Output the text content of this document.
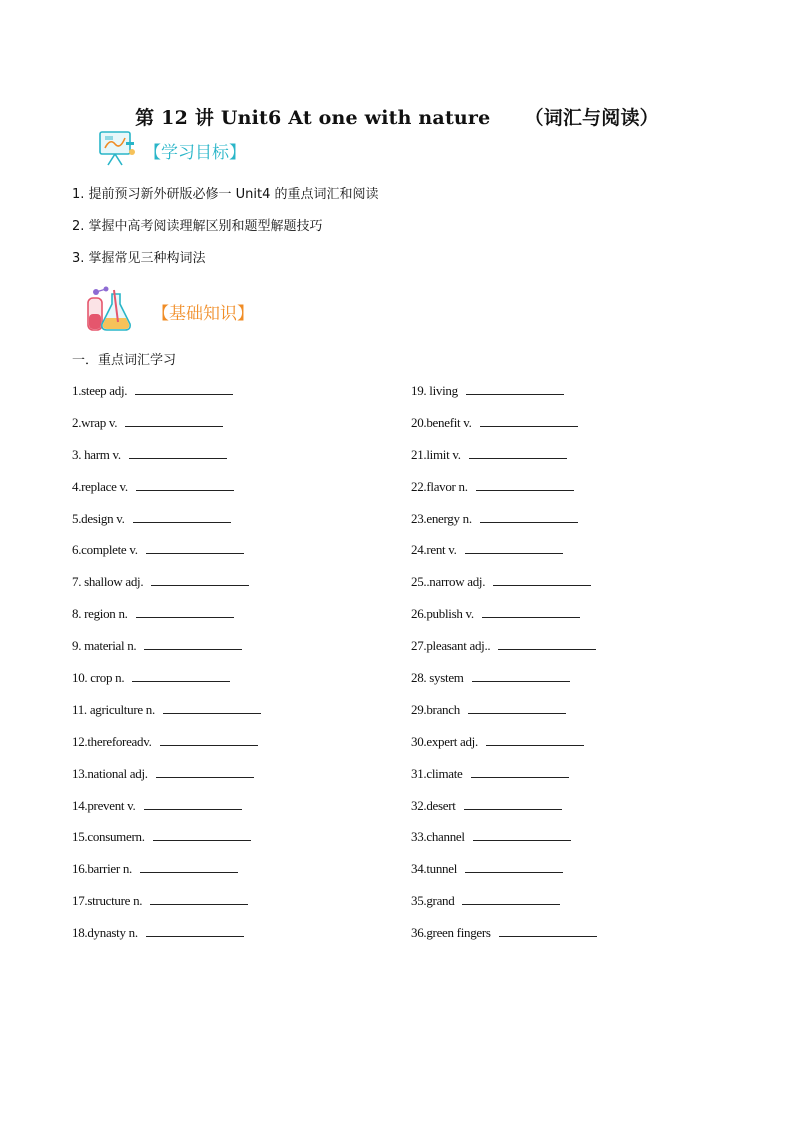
第 12 讲 Unit6 At one with nature （词汇与阅读）
【学习目标】
1. 提前预习新外研版必修一 Unit4 的重点词汇和阅读
2. 掌握中高考阅读理解区别和题型解题技巧
3. 掌握常见三种构词法
【基础知识】
一．重点词汇学习
1.steep adj.
2.wrap v.
3. harm v.
4.replace v.
5.design v.
6.complete v.
7. shallow adj.
8. region n.
9. material n.
10. crop n.
11. agriculture n.
12.thereforeadv.
13.national adj.
14.prevent v.
15.consumern.
16.barrier n.
17.structure n.
18.dynasty n.
19. living
20.benefit v.
21.limit v.
22.flavor n.
23.energy n.
24.rent v.
25..narrow adj.
26.publish v.
27.pleasant adj..
28. system
29.branch
30.expert adj.
31.climate
32.desert
33.channel
34.tunnel
35.grand
36.green fingers
